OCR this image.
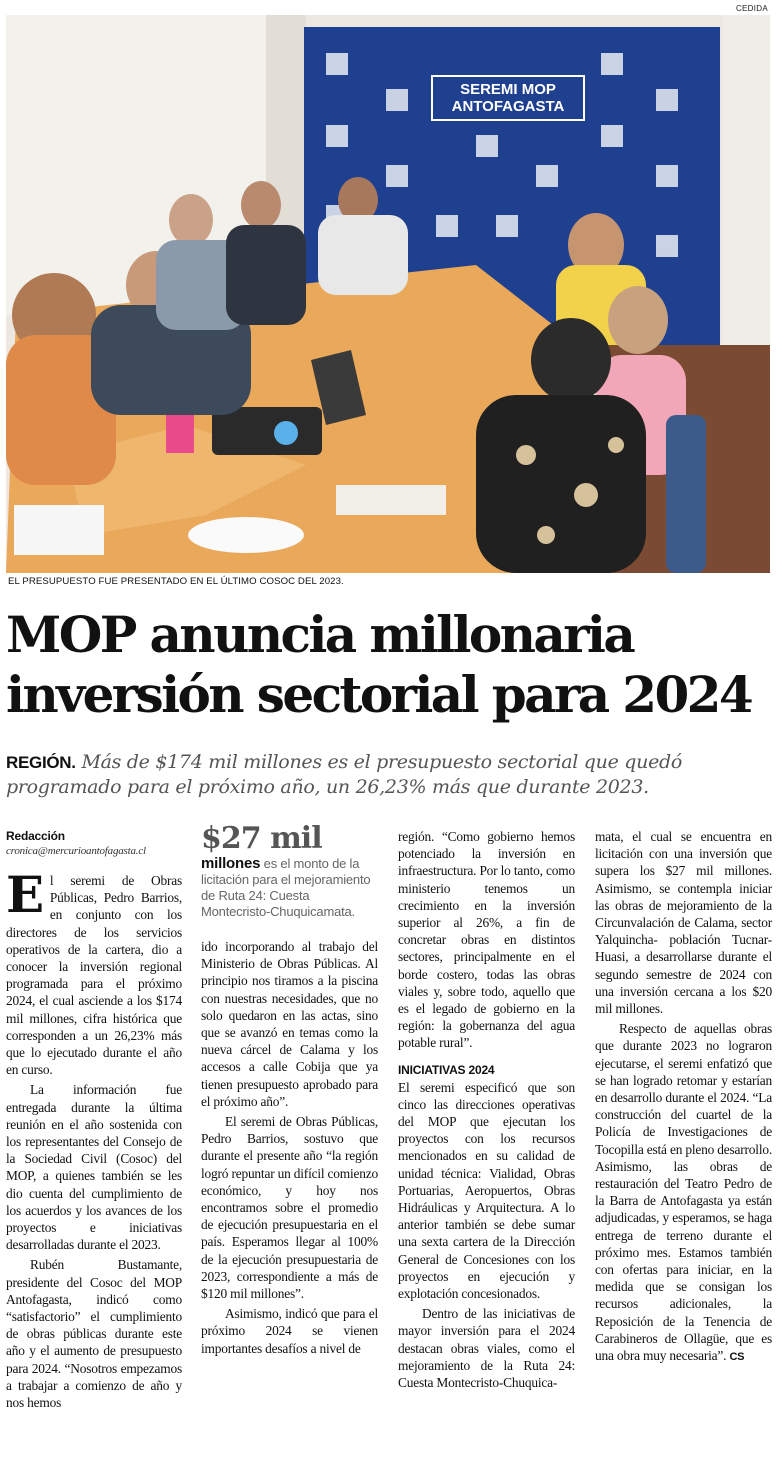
CEDIDA
SEREMI MOP
ANTOFAGASTA
EL PRESUPUESTO FUE PRESENTADO EN EL ÚLTIMO COSOC DEL 2023.
MOP anuncia millonaria
inversión sectorial para 2024
REGIÓN. Más de $174 mil millones es el presupuesto sectorial que quedó programado para el próximo año, un 26,23% más que durante 2023.
Redacción
cronica@mercurioantofagasta.cl

El seremi de Obras Públicas, Pedro Barrios, en conjunto con los directores de los servicios operativos de la cartera, dio a conocer la inversión regional programada para el próximo 2024, el cual asciende a los $174 mil millones, cifra histórica que corresponden a un 26,23% más que lo ejecutado durante el año en curso.

La información fue entregada durante la última reunión en el año sostenida con los representantes del Consejo de la Sociedad Civil (Cosoc) del MOP, a quienes también se les dio cuenta del cumplimiento de los acuerdos y los avances de los proyectos e iniciativas desarrolladas durante el 2023.

Rubén Bustamante, presidente del Cosoc del MOP Antofagasta, indicó como “satisfactorio” el cumplimiento de obras públicas durante este año y el aumento de presupuesto para 2024. “Nosotros empezamos a trabajar a comienzo de año y nos hemos

$27 mil
millones es el monto de la licitación para el mejoramiento de Ruta 24: Cuesta Montecristo-Chuquicamata.

ido incorporando al trabajo del Ministerio de Obras Públicas. Al principio nos tiramos a la piscina con nuestras necesidades, que no solo quedaron en las actas, sino que se avanzó en temas como la nueva cárcel de Calama y los accesos a calle Cobija que ya tienen presupuesto aprobado para el próximo año”.

El seremi de Obras Públicas, Pedro Barrios, sostuvo que durante el presente año “la región logró repuntar un difícil comienzo económico, y hoy nos encontramos sobre el promedio de ejecución presupuestaria en el país. Esperamos llegar al 100% de la ejecución presupuestaria de 2023, correspondiente a más de $120 mil millones”.

Asimismo, indicó que para el próximo 2024 se vienen importantes desafíos a nivel de

región. “Como gobierno hemos potenciado la inversión en infraestructura. Por lo tanto, como ministerio tenemos un crecimiento en la inversión superior al 26%, a fin de concretar obras en distintos sectores, principalmente en el borde costero, todas las obras viales y, sobre todo, aquello que es el legado de gobierno en la región: la gobernanza del agua potable rural”.

INICIATIVAS 2024

El seremi especificó que son cinco las direcciones operativas del MOP que ejecutan los proyectos con los recursos mencionados en su calidad de unidad técnica: Vialidad, Obras Portuarias, Aeropuertos, Obras Hidráulicas y Arquitectura. A lo anterior también se debe sumar una sexta cartera de la Dirección General de Concesiones con los proyectos en ejecución y explotación concesionados.

Dentro de las iniciativas de mayor inversión para el 2024 destacan obras viales, como el mejoramiento de la Ruta 24: Cuesta Montecristo-Chuquica-

mata, el cual se encuentra en licitación con una inversión que supera los $27 mil millones. Asimismo, se contempla iniciar las obras de mejoramiento de la Circunvalación de Calama, sector Yalquincha- población Tucnar-Huasi, a desarrollarse durante el segundo semestre de 2024 con una inversión cercana a los $20 mil millones.

Respecto de aquellas obras que durante 2023 no lograron ejecutarse, el seremi enfatizó que se han logrado retomar y estarían en desarrollo durante el 2024. “La construcción del cuartel de la Policía de Investigaciones de Tocopilla está en pleno desarrollo. Asimismo, las obras de restauración del Teatro Pedro de la Barra de Antofagasta ya están adjudicadas, y esperamos, se haga entrega de terreno durante el próximo mes. Estamos también con ofertas para iniciar, en la medida que se consigan los recursos adicionales, la Reposición de la Tenencia de Carabineros de Ollagüe, que es una obra muy necesaria”. CS
